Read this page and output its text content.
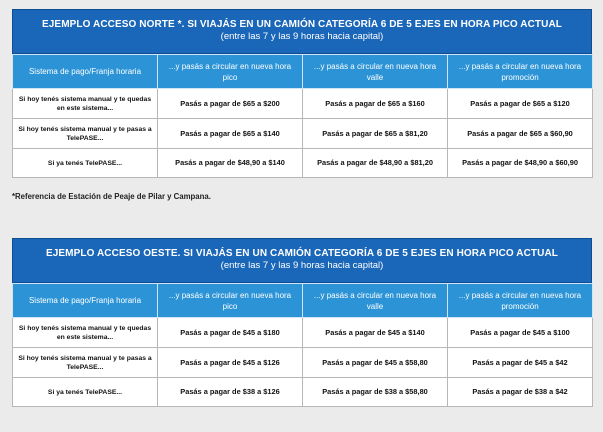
EJEMPLO ACCESO NORTE *. SI VIAJÁS EN UN CAMIÓN CATEGORÍA 6 DE 5 EJES EN HORA PICO ACTUAL
(entre las 7 y las 9 horas hacia capital)
Sistema de pago/Franja horaria	...y pasás a circular en nueva hora pico	...y pasás a circular en nueva hora valle	...y pasás a circular en nueva hora promoción
Si hoy tenés sistema manual y te quedas en este sistema...	Pasás a pagar de $65 a $200	Pasás a pagar de $65 a $160	Pasás a pagar de $65 a $120
Si hoy tenés sistema manual y te pasas a TelePASE...	Pasás a pagar de $65 a $140	Pasás a pagar de $65 a $81,20	Pasás a pagar de $65 a $60,90
Si ya tenés TelePASE...	Pasás a pagar de $48,90 a $140	Pasás a pagar de $48,90 a $81,20	Pasás a pagar de $48,90 a $60,90
*Referencia de Estación de Peaje de Pilar y Campana.
EJEMPLO ACCESO OESTE. SI VIAJÁS EN UN CAMIÓN CATEGORÍA 6 DE 5 EJES EN HORA PICO ACTUAL
(entre las 7 y las 9 horas hacia capital)
Sistema de pago/Franja horaria	...y pasás a circular en nueva hora pico	...y pasás a circular en nueva hora valle	...y pasás a circular en nueva hora promoción
Si hoy tenés sistema manual y te quedas en este sistema...	Pasás a pagar de $45 a $180	Pasás a pagar de $45 a $140	Pasás a pagar de $45 a $100
Si hoy tenés sistema manual y te pasas a TelePASE...	Pasás a pagar de $45 a $126	Pasás a pagar de $45 a $58,80	Pasás a pagar de $45 a $42
Si ya tenés TelePASE...	Pasás a pagar de $38 a $126	Pasás a pagar de $38 a $58,80	Pasás a pagar de $38 a $42
